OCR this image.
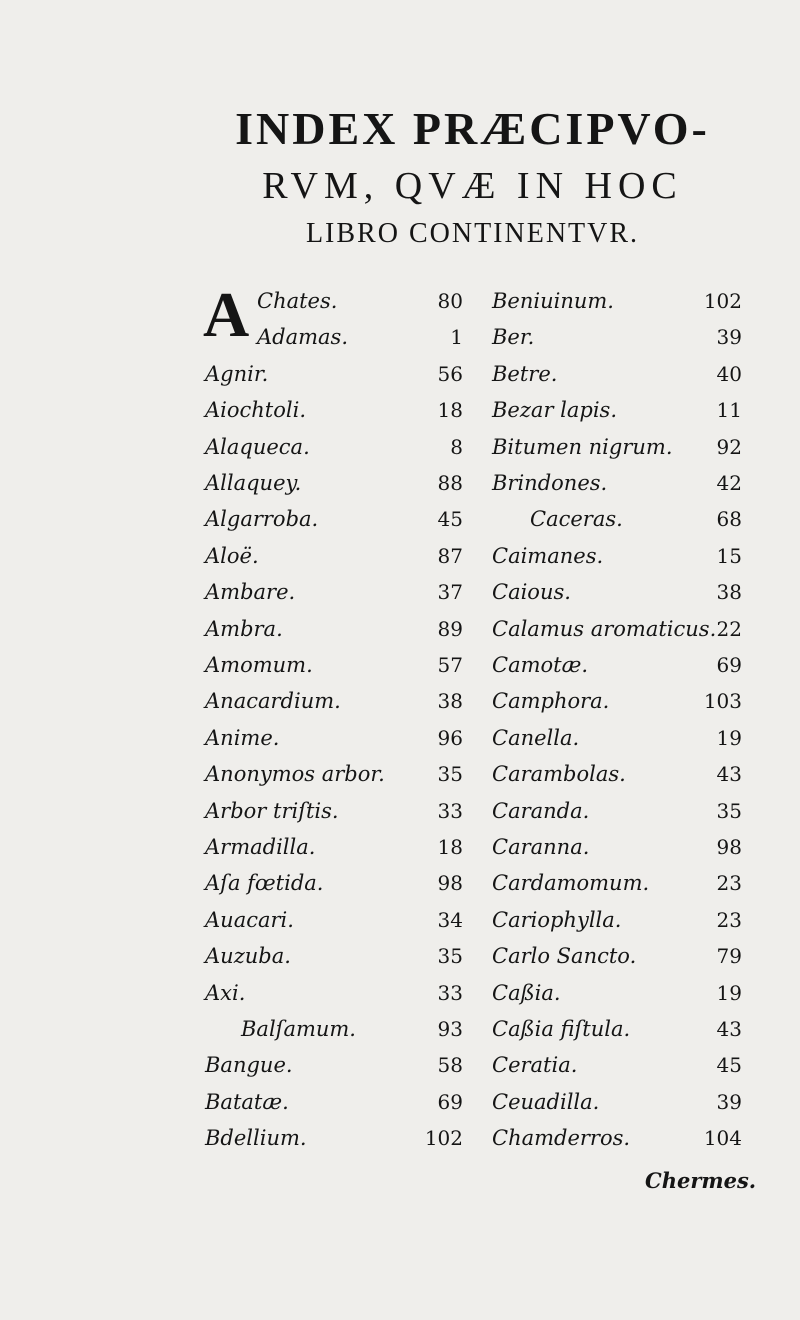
INDEX PRÆCIPVO-
RVM, QVÆ IN HOC
LIBRO CONTINENTVR.
A Chates.	80
Adamas.	1
Agnir.	56
Aiochtoli.	18
Alaqueca.	8
Allaquey.	88
Algarroba.	45
Aloë.	87
Ambare.	37
Ambra.	89
Amomum.	57
Anacardium.	38
Anime.	96
Anonymos arbor.	35
Arbor triſtis.	33
Armadilla.	18
Aſa fœtida.	98
Auacari.	34
Auzuba.	35
Axi.	33
Balſamum.	93
Bangue.	58
Batatæ.	69
Bdellium.	102
Beniuinum.	102
Ber.	39
Betre.	40
Bezar lapis.	11
Bitumen nigrum. 92
Brindones.	42
Caceras.	68
Caimanes.	15
Caious.	38
Calamus aromaticus. 22
Camotæ.	69
Camphora.	103
Canella.	19
Carambolas.	43
Caranda.	35
Caranna.	98
Cardamomum.	23
Cariophylla.	23
Carlo Sancto.	79
Caßia.	19
Caßia fiſtula.	43
Ceratia.	45
Ceuadilla.	39
Chamderros.	104
Chermes.
